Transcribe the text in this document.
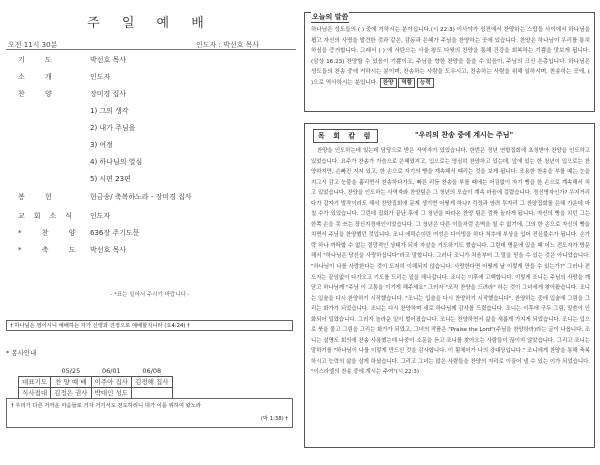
주 일 예 배
오전 11시 30분	인도자 : 박선호 목사
기 도	박선호 목사
소 개	인도자
찬 양	장미경 집사
1) 그의 생각
2) 내가 주님을
3) 여정
4) 하나님의 열심
5) 시편 23편
봉 헌	헌금송/ 축복하노라 - 장미경 집사
교회소식 인도자
* 찬 양 636장 주기도문
* 축 도 박선호 목사
- *표는 일어서 주시기 바랍니다 -
† 하나님은 영이시니 예배하는 자가 신령과 진정으로 예배할지니라 (요4:24) †
* 봉사안내
	05/25	06/01	06/08
대표기도	찬 양 예 배	이주아 집사	김정해 집사
식사접대	김정은 권사	박대인 성도	
† 우리가 다른 거까운 마음들로 거자 거기서도 전도하리니 내가 이를 위하여 왔노라
(막 1:38) †
오늘의 말씀
하나님은 성도들의 ( ) 중에 거하시는 분이십니다.(시 22:3) 이사야가 성전에서 찬양하는 스랍들 사이에서 하나님을 뵙고 자신의 사명을 발견한 것과 같은, 감동과 은혜가 주님을 찬양하는 곳에 있습니다. 찬양은 하나님이 우리를 통치하심을 증거합니다. 그래서 ( ) 에 사탄으는 사울 왕도 다윗의 찬양을 통해 건강을 회복하는 기쁨을 맛보게 됩니다.(삼상 16:23) 찬양할 수 있음이 기쁨이고, 주님을 향한 찬양을 들을 수 있음이, 주님의 크신 은총입니다. 하나님은 성도들의 찬송 중에 거하시는 분이며, 찬송하는 사람을 도우시고, 찬송하는 사람을 위해 일하시며, 찬송하는 곳에, ( )으로 역사하시는 분입니다. 찬양 역할 능력
목 회 칼 럼	"우리의 찬송 중에 계시는 주님"
찬양을 인도하는데 있는데 담당으로 받은 사역자가 있었습니다. 한번은 정년 연합집회에 초청받아 찬양을 인도하고 있었습니다. 요주가 찬송가 가슴으로 은혜였지고, 입으로는 영심히 찬양하고 있는데, 앞에 있는 한 청년이 입으로는 찬양하지만, 손빠진 지저 있고, 한 손으로 자기의 빵을 계속해서 때리는 것을 보게 됩니다. 조용한 찬송을 부를 때는 눈을 지그시 감고 눈물을 흘리면서 찬송하다가도, 빠른 리듬 찬송을 부를 때에는 어김없이 자기 빵을 한 손으로 계속해서 치고 있었습니다. 찬양을 인도하는 사역자와 찬양팀은 그 청년의 모습이 계속 마음에 걸렸습니다. 정신병자인가? 우지거리다가 갑자기 발작이라도 해서 찬양집회에 문제 생기면 어떻게 하나? 걱정과 염려 투자리 그 찬양집회를 은혜 가운데 마칠 수가 있었습니다. 그런데 집회가 끝난 후에 그 청년을 따라온 찬양 팀은 깜짝 놀라게 됩니다. 자신의 빵을 치던 그는 한쪽 손을 못 쓰는 장신지정애인이었습니다. 그 청년은 다른 이들처럼 손벽을 칠 수 없기에, 그의 한 손으로 자신의 빵을 치면서 주님을 찬양했던 것입니다. 조니 에릭슨이란 여성은 다이빙을 하다 척추에 부상을 입어 전신불수가 됩니다. 손가락 하나 까딱할 수 없는 절망적인 상태가 되자 자살을 기도하기도 했습니다. 그런데 병문에 있을 때 어느 전도자가 방문해서 "하나님은 당신을 사랑하십니다"라고 말합니다. 그러나 조니가 처음부터 그 말을 믿을 수 있는 것은 아니었습니다. "하나님이 나를 사랑한다는 것이 도저히 이해되지 않습니다. 사랑한다면 어떻게 날 이렇게 만들 수 있는가?" 그러나 전도자는 끝임없이 다가오고 기도를 드리는 일을 해나갑니다. 조니는 이후에 고백합니다. 이렇게 조니는 주님의 사랑을 깨닫고 하나님께 "주님 이 고통을 이기게 해주세요" 그러자 "오직 찬양을 드려라" 하는 것이 그녀에게 찾아왔습니다. 조니는 입술을 다시 찬양하기 시작했습니다. "조니는 입술을 다시 찬양하기 시작했습니다". 찬양하는 중에 입술에 그림을 그리는 화가가 되었습니다. 조니는 다시 찬양하며 새로 하나님께 감사를 드렸습니다. 조니는 이후에 구두 그림, 말씀이 인화되어 일었습니다. 그러자 놀라운 일이 벌어졌습니다. 조니는 찬양하면서 삶을 새롭게 가지게 되었습니다. 조니는 입으로 붓을 물고 그림을 그리는 화가가 되었고, 그녀의 작품은 "Praise the Lord"(주님을 찬양하라)라는 글이 나옵니다. 조니는 설명도 회의에 찬송 사용했는데 나중이 소문을 듣고 조니를 찾아오는 사람들이 끊이지 않았습니다. 그리고 조니는 말하기를 "하나님이 나를 이렇게 만드신 것을 감사합니다. 이 휠체어가 나의 강대상입니다." 조니에게 찬양을 통해 축복하시고 능력의 삶을 살게 하셨습니다. 그리고 그녀는 많은 사람들을 찬양의 자리로 이끌어 낼 수 있는 이가 되었습니다. "이스라엘의 찬송 중에 계시는 주여"(시 22:3)
